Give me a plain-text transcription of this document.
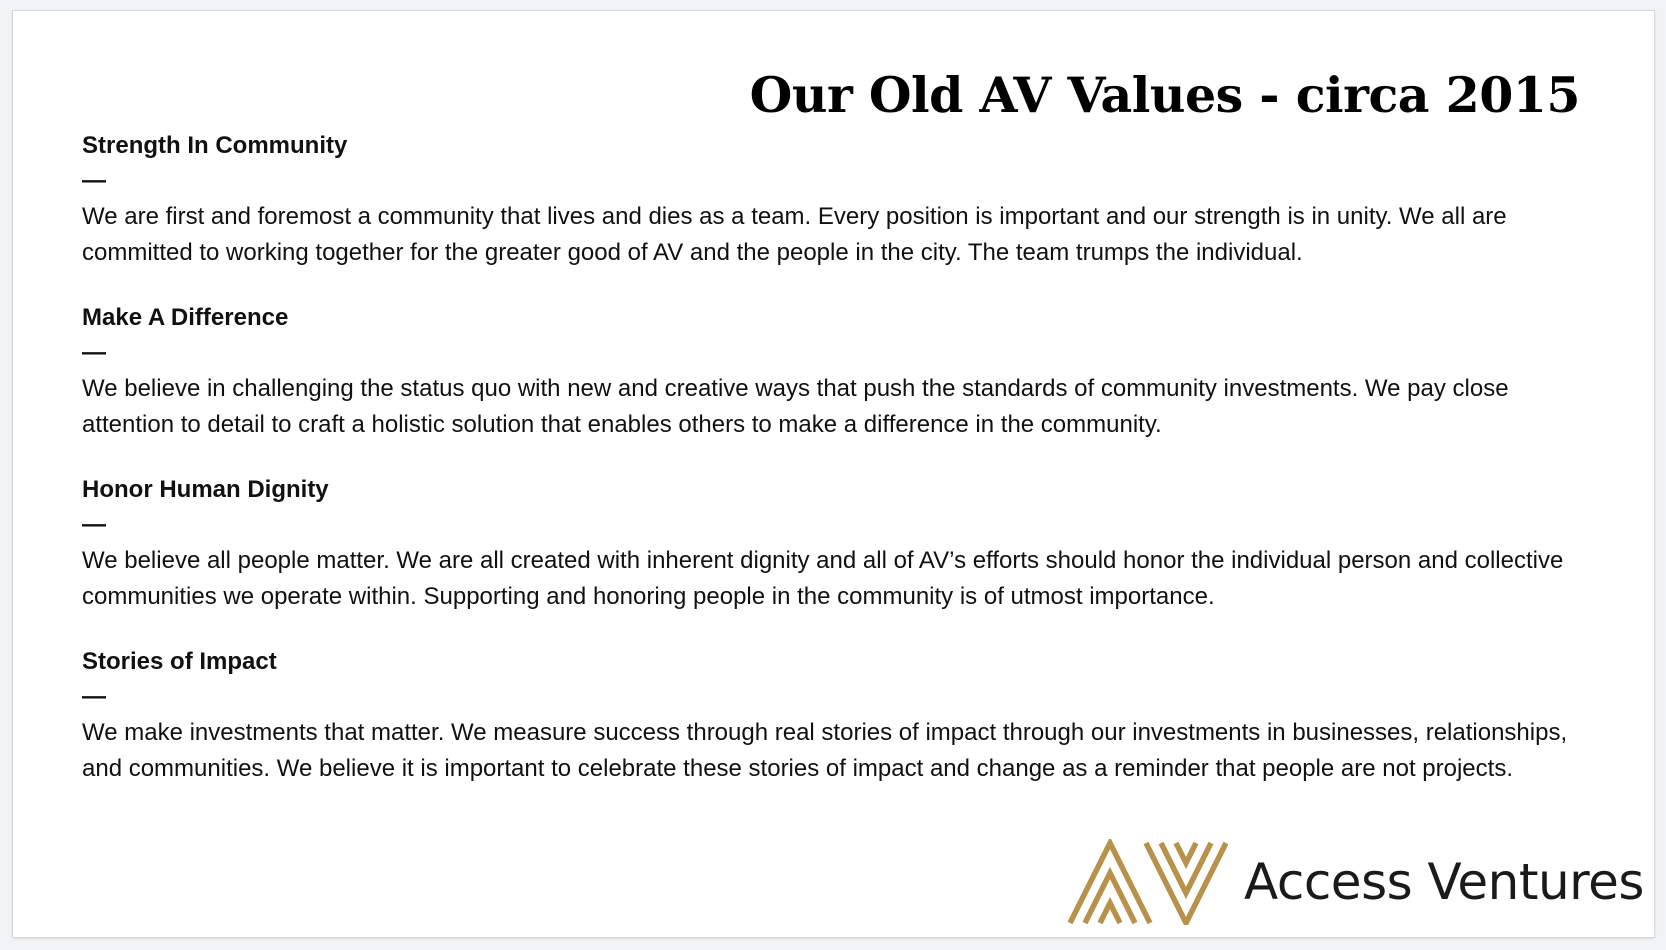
Our Old AV Values - circa 2015
Strength In Community
—

We are first and foremost a community that lives and dies as a team. Every position is important and our strength is in unity. We all are committed to working together for the greater good of AV and the people in the city. The team trumps the individual.

Make A Difference
—

We believe in challenging the status quo with new and creative ways that push the standards of community investments. We pay close attention to detail to craft a holistic solution that enables others to make a difference in the community.

Honor Human Dignity
—

We believe all people matter. We are all created with inherent dignity and all of AV’s efforts should honor the individual person and collective communities we operate within. Supporting and honoring people in the community is of utmost importance.

Stories of Impact
—

We make investments that matter. We measure success through real stories of impact through our investments in businesses, relationships, and communities. We believe it is important to celebrate these stories of impact and change as a reminder that people are not projects.

Access Ventures
